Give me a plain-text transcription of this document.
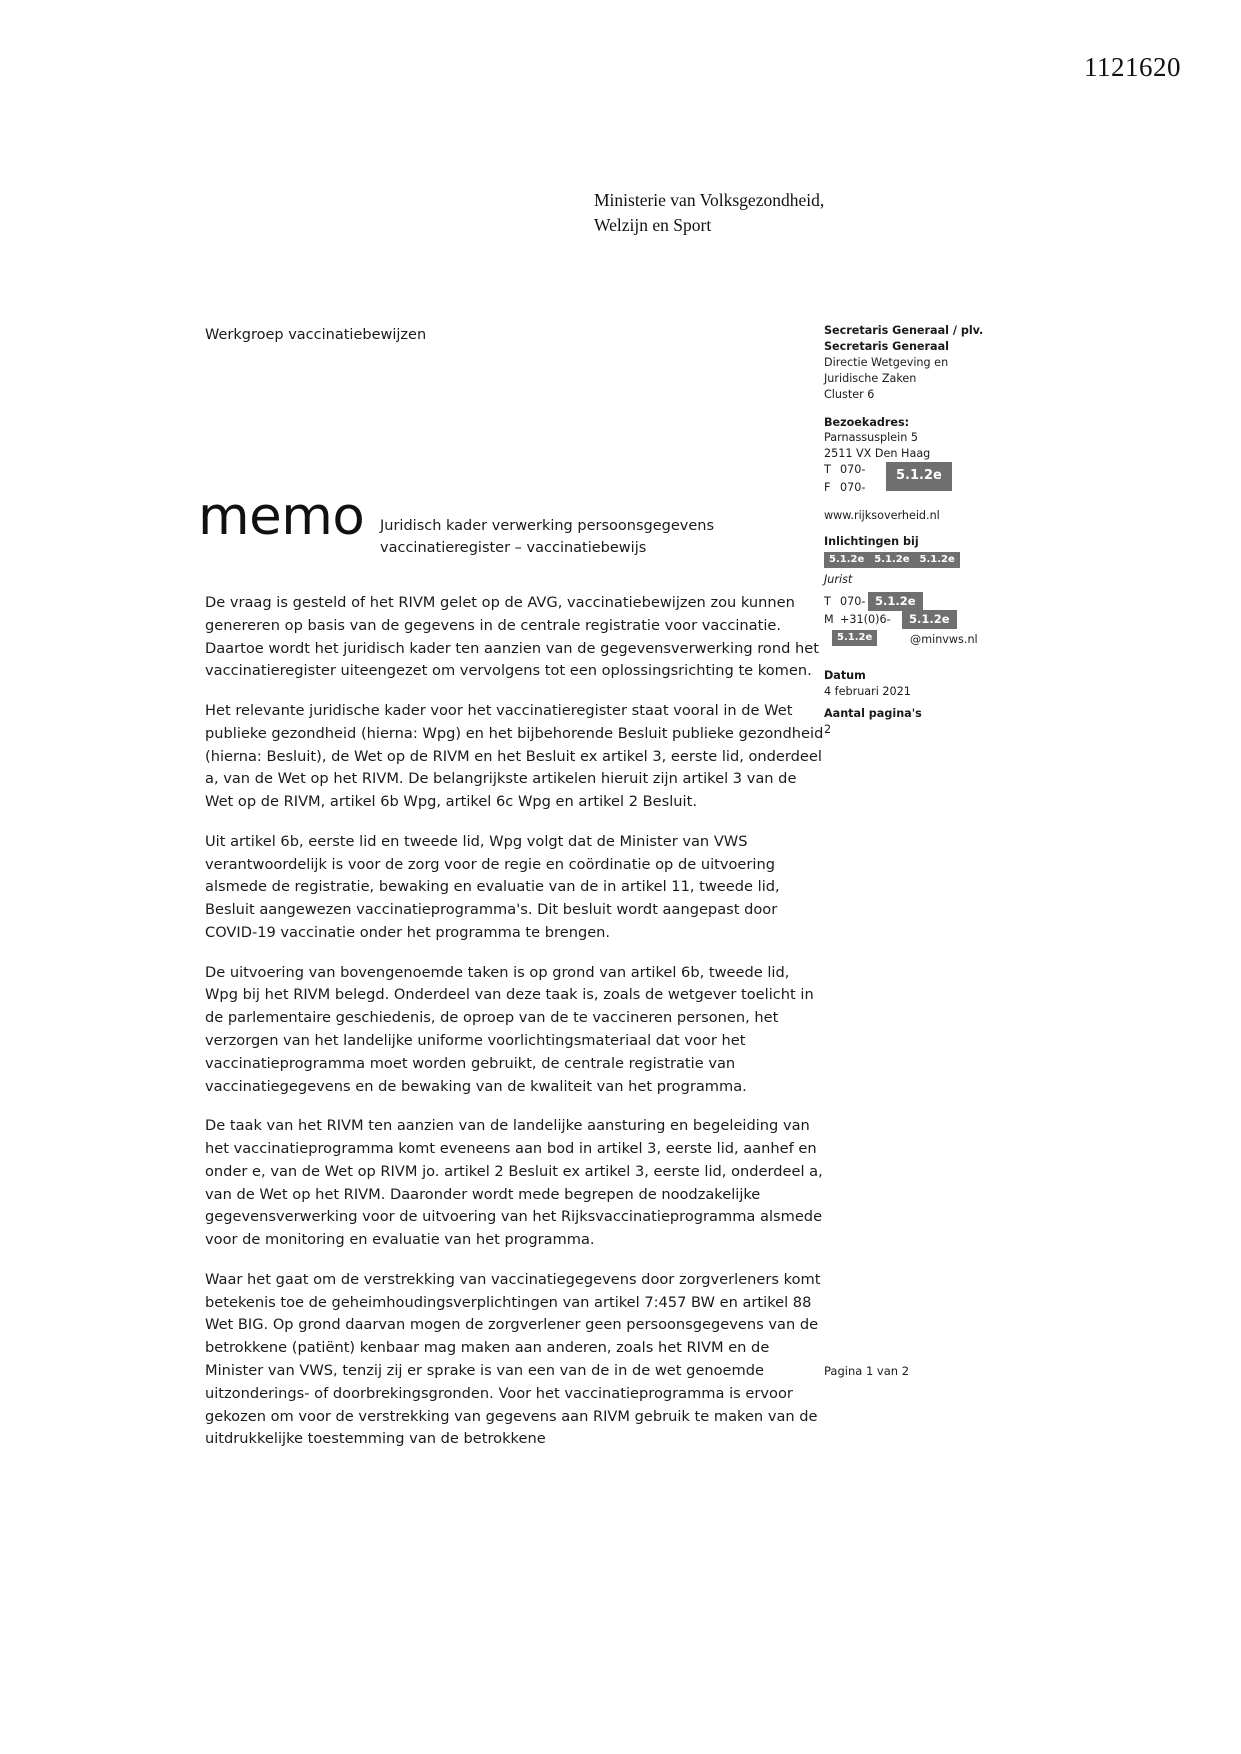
1121620
Ministerie van Volksgezondheid,
Welzijn en Sport
Werkgroep vaccinatiebewijzen
memo Juridisch kader verwerking persoonsgegevens
vaccinatieregister – vaccinatiebewijs

De vraag is gesteld of het RIVM gelet op de AVG, vaccinatiebewijzen zou kunnen genereren op basis van de gegevens in de centrale registratie voor vaccinatie. Daartoe wordt het juridisch kader ten aanzien van de gegevensverwerking rond het vaccinatieregister uiteengezet om vervolgens tot een oplossingsrichting te komen.

Het relevante juridische kader voor het vaccinatieregister staat vooral in de Wet publieke gezondheid (hierna: Wpg) en het bijbehorende Besluit publieke gezondheid (hierna: Besluit), de Wet op de RIVM en het Besluit ex artikel 3, eerste lid, onderdeel a, van de Wet op het RIVM. De belangrijkste artikelen hieruit zijn artikel 3 van de Wet op de RIVM, artikel 6b Wpg, artikel 6c Wpg en artikel 2 Besluit.

Uit artikel 6b, eerste lid en tweede lid, Wpg volgt dat de Minister van VWS verantwoordelijk is voor de zorg voor de regie en coördinatie op de uitvoering alsmede de registratie, bewaking en evaluatie van de in artikel 11, tweede lid, Besluit aangewezen vaccinatieprogramma's. Dit besluit wordt aangepast door COVID-19 vaccinatie onder het programma te brengen.

De uitvoering van bovengenoemde taken is op grond van artikel 6b, tweede lid, Wpg bij het RIVM belegd. Onderdeel van deze taak is, zoals de wetgever toelicht in de parlementaire geschiedenis, de oproep van de te vaccineren personen, het verzorgen van het landelijke uniforme voorlichtingsmateriaal dat voor het vaccinatieprogramma moet worden gebruikt, de centrale registratie van vaccinatiegegevens en de bewaking van de kwaliteit van het programma.

De taak van het RIVM ten aanzien van de landelijke aansturing en begeleiding van het vaccinatieprogramma komt eveneens aan bod in artikel 3, eerste lid, aanhef en onder e, van de Wet op RIVM jo. artikel 2 Besluit ex artikel 3, eerste lid, onderdeel a, van de Wet op het RIVM. Daaronder wordt mede begrepen de noodzakelijke gegevensverwerking voor de uitvoering van het Rijksvaccinatieprogramma alsmede voor de monitoring en evaluatie van het programma.

Waar het gaat om de verstrekking van vaccinatiegegevens door zorgverleners komt betekenis toe de geheimhoudingsverplichtingen van artikel 7:457 BW en artikel 88 Wet BIG. Op grond daarvan mogen de zorgverlener geen persoonsgegevens van de betrokkene (patiënt) kenbaar mag maken aan anderen, zoals het RIVM en de Minister van VWS, tenzij zij er sprake is van een van de in de wet genoemde uitzonderings- of doorbrekingsgronden. Voor het vaccinatieprogramma is ervoor gekozen om voor de verstrekking van gegevens aan RIVM gebruik te maken van de uitdrukkelijke toestemming van de betrokkene

Secretaris Generaal / plv.
Secretaris Generaal
Directie Wetgeving en
Juridische Zaken
Cluster 6
Bezoekadres:
Parnassusplein 5
2511 VX Den Haag
T 070-
F 070-
5.1.2e
www.rijksoverheid.nl
Inlichtingen bij
5.1.2e 5.1.2e 5.1.2e
Jurist
T 070- 5.1.2e
M +31(0)6-	5.1.2e
5.1.2e	@minvws.nl
Datum
4 februari 2021
Aantal pagina's
2
Pagina 1 van 2
